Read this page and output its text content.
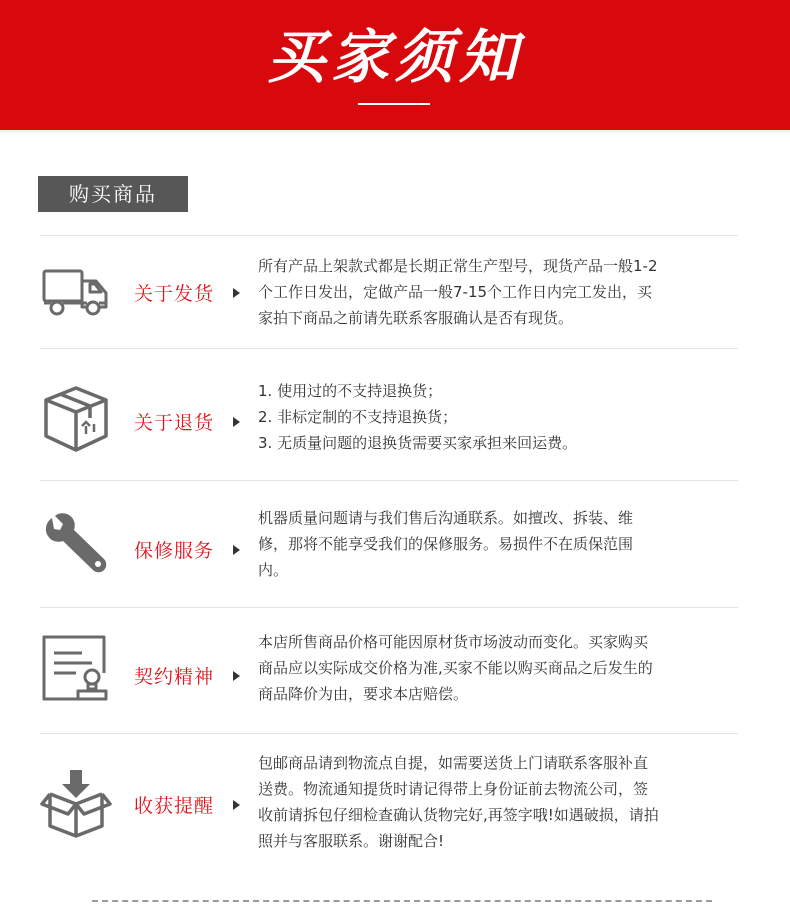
买家须知
购买商品
关于发货
所有产品上架款式都是长期正常生产型号，现货产品一般1-2
个工作日发出，定做产品一般7-15个工作日内完工发出，买
家拍下商品之前请先联系客服确认是否有现货。
关于退货
1. 使用过的不支持退换货；
2. 非标定制的不支持退换货；
3. 无质量问题的退换货需要买家承担来回运费。
保修服务
机器质量问题请与我们售后沟通联系。如擅改、拆装、维
修，那将不能享受我们的保修服务。易损件不在质保范围
内。
契约精神
本店所售商品价格可能因原材货市场波动而变化。买家购买
商品应以实际成交价格为准,买家不能以购买商品之后发生的
商品降价为由，要求本店赔偿。
收获提醒
包邮商品请到物流点自提，如需要送货上门请联系客服补直
送费。物流通知提货时请记得带上身份证前去物流公司，签
收前请拆包仔细检查确认货物完好,再签字哦!如遇破损，请拍
照并与客服联系。谢谢配合!
